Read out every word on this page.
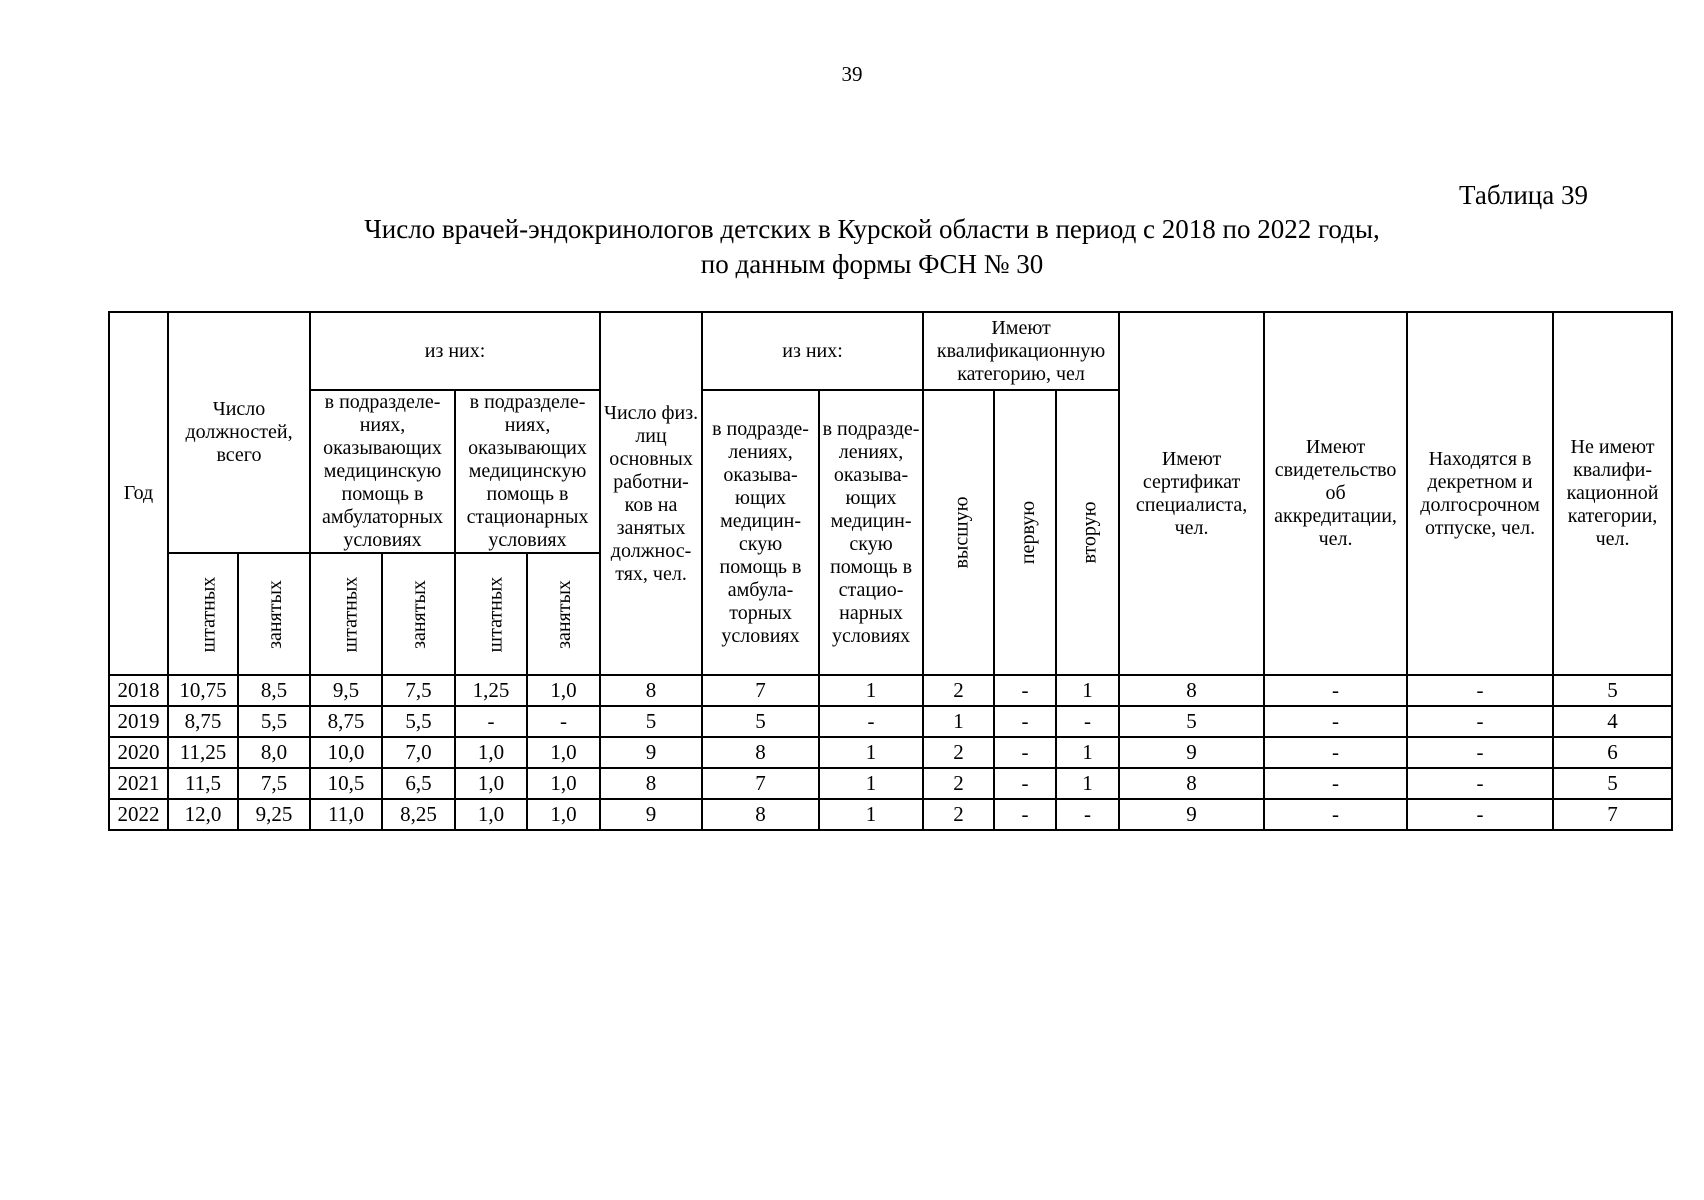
39
Таблица 39
Число врачей-эндокринологов детских в Курской области в период с 2018 по 2022 годы,
по данным формы ФСН № 30
Год	Число должностей, всего		из них:				Число физ. лиц основных работни-ков на занятых должнос-тях, чел.	из них:		Имеют квалификационную категорию, чел			Имеют сертификат специалиста, чел.	Имеют свидетельство об аккредитации, чел.	Находятся в декретном и долгосрочном отпуске, чел.	Не имеют квалифи-кационной категории, чел.
			в подразделе-ниях, оказывающих медицинскую помощь в амбулаторных условиях		в подразделе-ниях, оказывающих медицинскую помощь в стационарных условиях			в подразде-лениях, оказыва-ющих медицин-скую помощь в амбула-торных условиях	в подразде-лениях, оказыва-ющих медицин-скую помощь в стацио-нарных условиях	высшую	первую	вторую				

	штатных	занятых	штатных	занятых	штатных	занятых										
2018	10,75	8,5	9,5	7,5	1,25	1,0	8	7	1	2	-	1	8	-	-	5
2019	8,75	5,5	8,75	5,5	-	-	5	5	-	1	-	-	5	-	-	4
2020	11,25	8,0	10,0	7,0	1,0	1,0	9	8	1	2	-	1	9	-	-	6
2021	11,5	7,5	10,5	6,5	1,0	1,0	8	7	1	2	-	1	8	-	-	5
2022	12,0	9,25	11,0	8,25	1,0	1,0	9	8	1	2	-	-	9	-	-	7
